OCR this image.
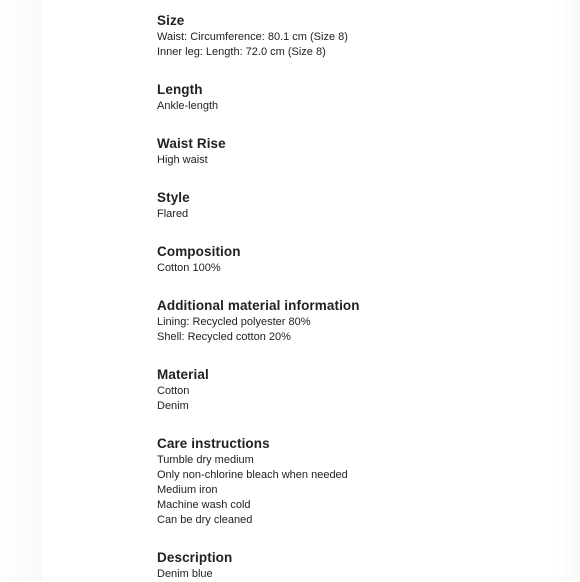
Size
Waist: Circumference: 80.1 cm (Size 8)
Inner leg: Length: 72.0 cm (Size 8)
Length
Ankle-length
Waist Rise
High waist
Style
Flared
Composition
Cotton 100%
Additional material information
Lining: Recycled polyester 80%
Shell: Recycled cotton 20%
Material
Cotton
Denim
Care instructions
Tumble dry medium
Only non-chlorine bleach when needed
Medium iron
Machine wash cold
Can be dry cleaned
Description
Denim blue
